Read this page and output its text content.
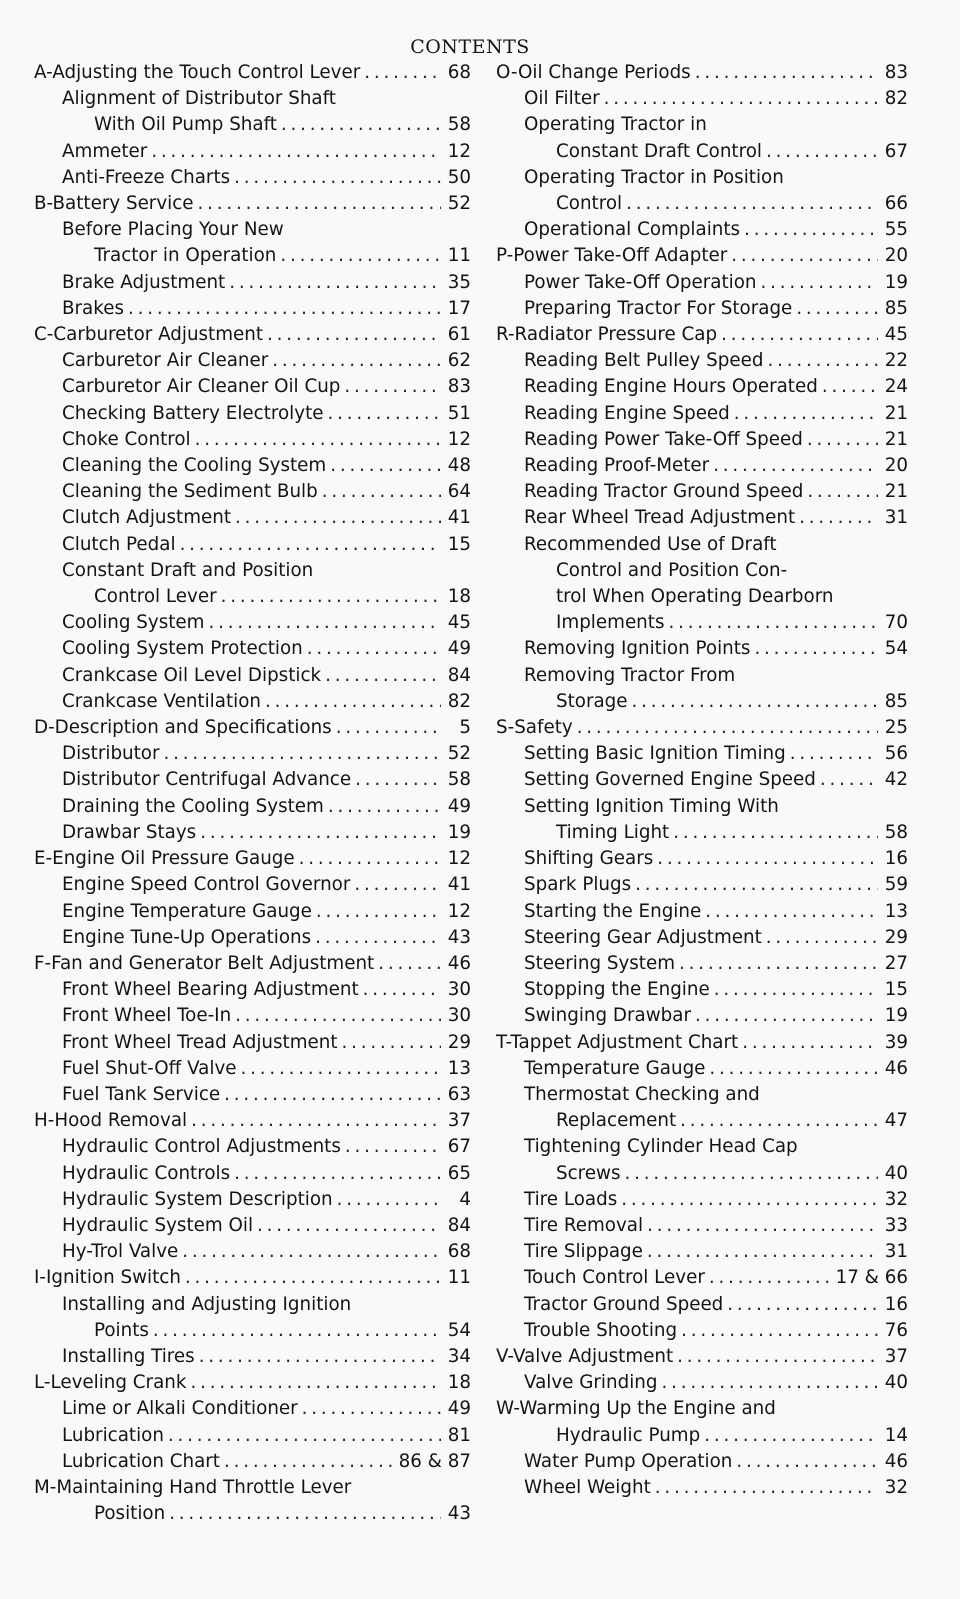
CONTENTS
A-Adjusting the Touch Control Lever . . .	68
Alignment of Distributor Shaft
With Oil Pump Shaft . . .	58
Ammeter . . .	12
Anti-Freeze Charts . . .	50
B-Battery Service . . .	52
Before Placing Your New
Tractor in Operation . . .	11
Brake Adjustment . . .	35
Brakes . . .	17
C-Carburetor Adjustment . . .	61
Carburetor Air Cleaner . . .	62
Carburetor Air Cleaner Oil Cup . . .	83
Checking Battery Electrolyte . . .	51
Choke Control . . .	12
Cleaning the Cooling System . . .	48
Cleaning the Sediment Bulb . . .	64
Clutch Adjustment . . .	41
Clutch Pedal . . .	15
Constant Draft and Position
Control Lever . . .	18
Cooling System . . .	45
Cooling System Protection . . .	49
Crankcase Oil Level Dipstick . . .	84
Crankcase Ventilation . . .	82
D-Description and Specifications . . .	5
Distributor . . .	52
Distributor Centrifugal Advance . . .	58
Draining the Cooling System . . .	49
Drawbar Stays . . .	19
E-Engine Oil Pressure Gauge . . .	12
Engine Speed Control Governor . . .	41
Engine Temperature Gauge . . .	12
Engine Tune-Up Operations . . .	43
F-Fan and Generator Belt Adjustment . . .	46
Front Wheel Bearing Adjustment . . .	30
Front Wheel Toe-In . . .	30
Front Wheel Tread Adjustment . . .	29
Fuel Shut-Off Valve . . .	13
Fuel Tank Service . . .	63
H-Hood Removal . . .	37
Hydraulic Control Adjustments . . .	67
Hydraulic Controls . . .	65
Hydraulic System Description . . .	4
Hydraulic System Oil . . .	84
Hy-Trol Valve . . .	68
I-Ignition Switch . . .	11
Installing and Adjusting Ignition
Points . . .	54
Installing Tires . . .	34
L-Leveling Crank . . .	18
Lime or Alkali Conditioner . . .	49
Lubrication . . .	81
Lubrication Chart . . .	86 & 87
M-Maintaining Hand Throttle Lever
Position . . .	43
O-Oil Change Periods . . .	83
Oil Filter . . .	82
Operating Tractor in
Constant Draft Control . . .	67
Operating Tractor in Position
Control . . .	66
Operational Complaints . . .	55
P-Power Take-Off Adapter . . .	20
Power Take-Off Operation . . .	19
Preparing Tractor For Storage . . .	85
R-Radiator Pressure Cap . . .	45
Reading Belt Pulley Speed . . .	22
Reading Engine Hours Operated . . .	24
Reading Engine Speed . . .	21
Reading Power Take-Off Speed . . .	21
Reading Proof-Meter . . .	20
Reading Tractor Ground Speed . . .	21
Rear Wheel Tread Adjustment . . .	31
Recommended Use of Draft
Control and Position Con-
trol When Operating Dearborn
Implements . . .	70
Removing Ignition Points . . .	54
Removing Tractor From
Storage . . .	85
S-Safety . . .	25
Setting Basic Ignition Timing . . .	56
Setting Governed Engine Speed . . .	42
Setting Ignition Timing With
Timing Light . . .	58
Shifting Gears . . .	16
Spark Plugs . . .	59
Starting the Engine . . .	13
Steering Gear Adjustment . . .	29
Steering System . . .	27
Stopping the Engine . . .	15
Swinging Drawbar . . .	19
T-Tappet Adjustment Chart . . .	39
Temperature Gauge . . .	46
Thermostat Checking and
Replacement . . .	47
Tightening Cylinder Head Cap
Screws . . .	40
Tire Loads . . .	32
Tire Removal . . .	33
Tire Slippage . . .	31
Touch Control Lever . . .	17 & 66
Tractor Ground Speed . . .	16
Trouble Shooting . . .	76
V-Valve Adjustment . . .	37
Valve Grinding . . .	40
W-Warming Up the Engine and
Hydraulic Pump . . .	14
Water Pump Operation . . .	46
Wheel Weight . . .	32
